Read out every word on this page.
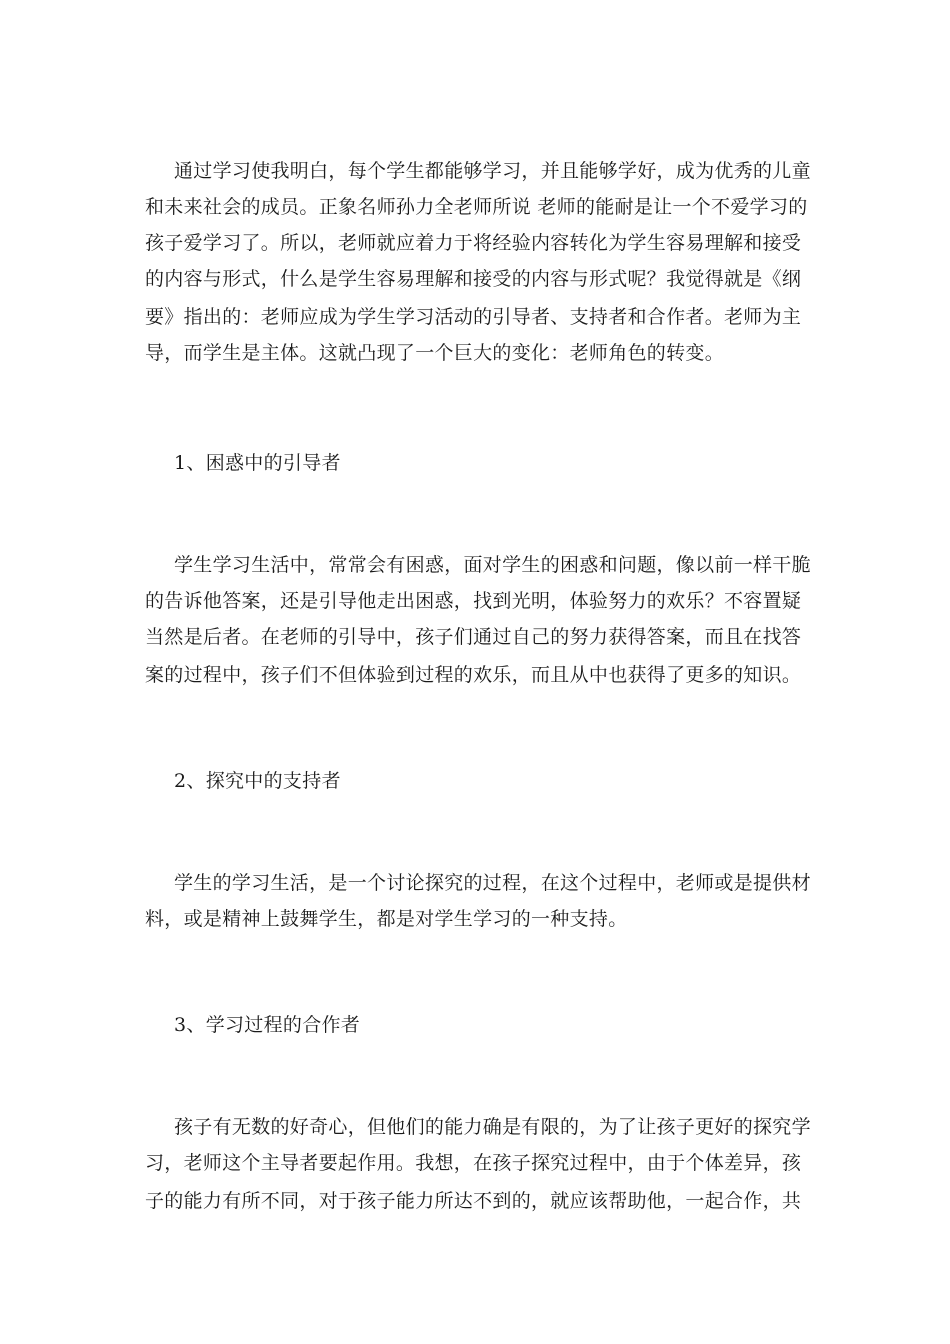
通过学习使我明白，每个学生都能够学习，并且能够学好，成为优秀的儿童
和未来社会的成员。正象名师孙力全老师所说 老师的能耐是让一个不爱学习的
孩子爱学习了。所以，老师就应着力于将经验内容转化为学生容易理解和接受
的内容与形式，什么是学生容易理解和接受的内容与形式呢？我觉得就是《纲
要》指出的：老师应成为学生学习活动的引导者、支持者和合作者。老师为主
导，而学生是主体。这就凸现了一个巨大的变化：老师角色的转变。
1、困惑中的引导者
学生学习生活中，常常会有困惑，面对学生的困惑和问题，像以前一样干脆
的告诉他答案，还是引导他走出困惑，找到光明，体验努力的欢乐？不容置疑
当然是后者。在老师的引导中，孩子们通过自己的努力获得答案，而且在找答
案的过程中，孩子们不但体验到过程的欢乐，而且从中也获得了更多的知识。
2、探究中的支持者
学生的学习生活，是一个讨论探究的过程，在这个过程中，老师或是提供材
料，或是精神上鼓舞学生，都是对学生学习的一种支持。
3、学习过程的合作者
孩子有无数的好奇心，但他们的能力确是有限的，为了让孩子更好的探究学
习，老师这个主导者要起作用。我想，在孩子探究过程中，由于个体差异，孩
子的能力有所不同，对于孩子能力所达不到的，就应该帮助他，一起合作，共
